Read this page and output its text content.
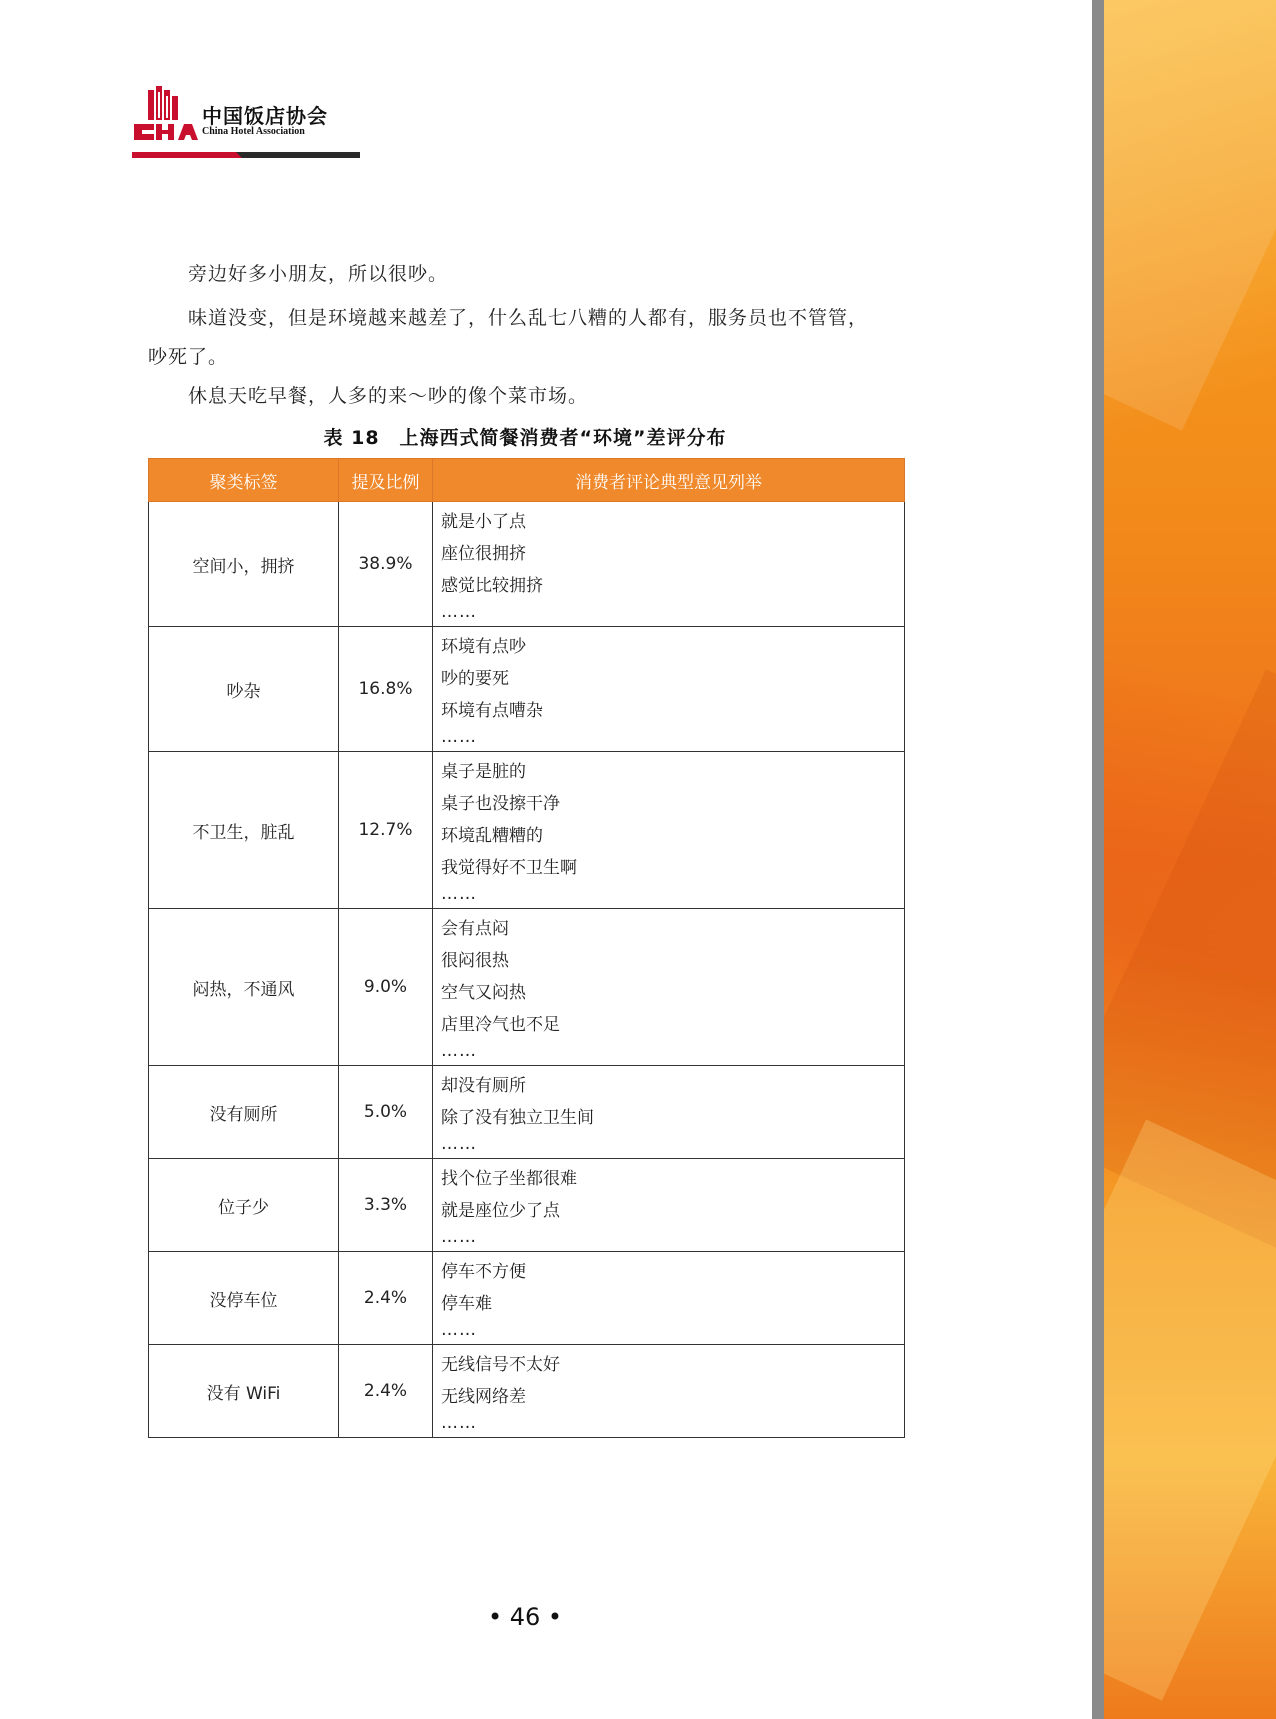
中国饭店协会
China Hotel Association

旁边好多小朋友，所以很吵。

味道没变，但是环境越来越差了，什么乱七八糟的人都有，服务员也不管管，

吵死了。

休息天吃早餐，人多的来～吵的像个菜市场。

表 18　上海西式简餐消费者“环境”差评分布
聚类标签	提及比例	消费者评论典型意见列举
空间小，拥挤	38.9%	就是小了点
座位很拥挤
感觉比较拥挤
……

吵杂	16.8%	环境有点吵
吵的要死
环境有点嘈杂
……

不卫生，脏乱	12.7%	桌子是脏的
桌子也没擦干净
环境乱糟糟的
我觉得好不卫生啊
……

闷热，不通风	9.0%	会有点闷
很闷很热
空气又闷热
店里冷气也不足
……

没有厕所	5.0%	却没有厕所
除了没有独立卫生间
……

位子少	3.3%	找个位子坐都很难
就是座位少了点
……

没停车位	2.4%	停车不方便
停车难
……

没有 WiFi	2.4%	无线信号不太好
无线网络差
……
• 46 •
